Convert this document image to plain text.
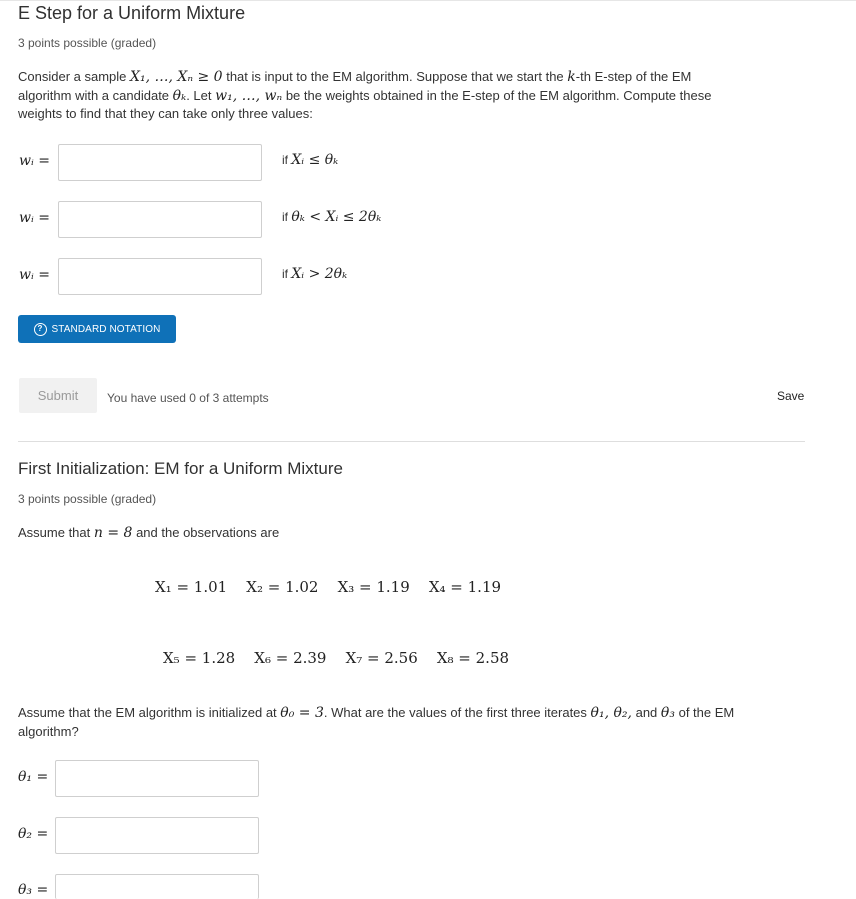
E Step for a Uniform Mixture
3 points possible (graded)
Consider a sample X₁, …, Xₙ ≥ 0 that is input to the EM algorithm. Suppose that we start the k-th E-step of the EM
algorithm with a candidate θₖ. Let w₁, …, wₙ be the weights obtained in the E-step of the EM algorithm. Compute these
weights to find that they can take only three values:
wᵢ =	if Xᵢ ≤ θₖ
wᵢ =	if θₖ < Xᵢ ≤ 2θₖ
wᵢ =	if Xᵢ > 2θₖ
? STANDARD NOTATION
Submit	You have used 0 of 3 attempts	Save
First Initialization: EM for a Uniform Mixture
3 points possible (graded)
Assume that n = 8 and the observations are
X₁ = 1.01 X₂ = 1.02 X₃ = 1.19 X₄ = 1.19
X₅ = 1.28 X₆ = 2.39 X₇ = 2.56 X₈ = 2.58
Assume that the EM algorithm is initialized at θ₀ = 3. What are the values of the first three iterates θ₁, θ₂, and θ₃ of the EM
algorithm?
θ₁ =
θ₂ =
θ₃ =
